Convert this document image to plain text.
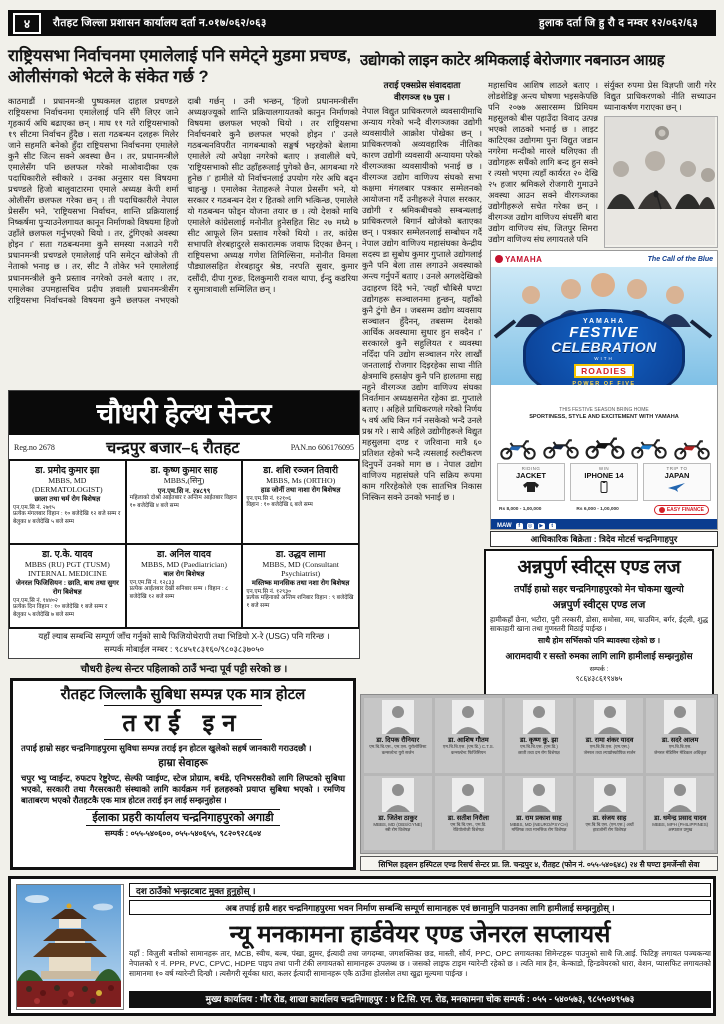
४	रौतहट जिल्ला प्रशासन कार्यालय दर्ता न.०१७/०६२/०६३	हुलाक दर्ता जि हु रौ द नम्वर १२/०६२/६३
राष्ट्रियसभा निर्वाचनमा एमालेलाई पनि समेट्ने मुडमा प्रचण्ड, ओलीसंगको भेटले के संकेत गर्छ ?
काठमाडौं । प्रधानमन्त्री पुष्पकमल दाहाल प्रचण्डले राष्ट्रियसभा निर्वाचनमा एमालेलाई पनि सँगै लिएर जाने गृहकार्य अघि बढाएका छन् । माघ ११ गते राष्ट्रियसभाको १९ सीटमा निर्वाचन हुँदैछ । सता गठबन्धन दलहरू मिलेर जाने सहमति बनेको हुँदा राष्ट्रियसभा निर्वाचनमा एमालेले कुनै सीट जित्न सक्ने अवस्था छैन । तर, प्रधानमन्त्रीले एमालेसँग पनि छलफल गरेको माओवादीका एक पदाधिकारीले स्वीकारे । उनका अनुसार यस विषयमा प्रचण्डले हिजो बालुवाटारमा एमाले अध्यक्ष केपी शर्मा ओलीसँग छलफल गरेका छन् । ती पदाधिकारीले नेपाल प्रेससँग भने, 'राष्ट्रियसभा निर्वाचन, शान्ति प्रक्रियालाई निष्कर्षमा पुऱ्याउनेलगायत कानून निर्माणको विषयमा हिजो उहाँले छलफल गर्नुभएको थियो । तर, टुंगिएको अवस्था होइन ।' सता गठबन्धनमा कुनै समस्या नआउने गरी प्रधानमन्त्री प्रचण्डले एमालेलाई पनि समेट्न खोजेको ती नेताको भनाइ छ । तर, सीट नै तोकेर भने एमालेलाई प्रधानमन्त्रीले कुनै प्रस्ताव नगरेको उनले बताए । तर, एमालेका उपमहासचिव प्रदीप ज्ञवाली प्रधानमन्त्रीसँग राष्ट्रियसभा निर्वाचनको विषयमा कुनै छलफल नभएको दाबी गर्छन् । उनी भन्छन्, 'हिजो प्रधानमन्त्रीसँग अध्यक्षज्यूको शान्ति प्रक्रियालगायतको कानुन निर्माणको विषयमा छलफल भएको थियो । तर राष्ट्रियसभा निर्वाचनबारे कुनै छलफल भएको होइन ।' उनले गठबन्धनविपरीत नागबन्धाको सङ्घर्ष भइरहेको बेलामा एमालेले त्यो अपेक्षा नगरेको बताए । ज्ञवालीले थपे, 'राष्ट्रियसभाको सीट उहाँहरूलाई पुगेको छैन, आगबन्धा गरे हुनेछ ।' हामीले यो निर्वाचनलाई उपयोग गरेर अघि बढ्न चाहन्छु । एमालेका नेताहरूले नेपाल प्रेससँग भने, यो सरकार र गठबन्धन देश र हितको लागि भत्किन्छ, एमालेले यो गठबन्धन फोड्न योजना तयार छ । त्यो देशको माथि एमालेले कांग्रेसलाई मनोनीत हुनेसहित सिट २७ मध्ये ७ सीट आफूले लिन प्रस्ताव गरेको थियो । तर, कांग्रेस सभापति शेरबहादुरले सकारात्मक जवाफ दिएका छैनन् । राष्ट्रियसभा अध्यक्ष गणेश तिमिल्सिना, मनोनीत विमला पौड्यालसहित शेरबहादुर श्रेष्ठ, नरपति सुवार, कुमार दसौंदी, दीपा गुरुङ, दिलकुमारी रावल थापा, ईन्दु कडरिया र सुमात्रावाली सम्मिलित छन् ।
उद्योगको लाइन काटेर श्रमिकलाई बेरोजगार नबनाउन आग्रह
तराई एक्सप्रेस संवाददाता
वीरगञ्ज १७ पुस ।
नेपाल विद्युत प्राधिकरणले व्यवसायीमाथि अन्याय गरेको भन्दै वीरगञ्जका उद्योगी व्यवसायीले आक्रोश पोखेका छन् । प्राधिकरणको अव्यवहारिक नीतिका कारण उद्योगी व्यवसायी अन्यायमा परेको वीरगञ्जका व्यवसायीको भनाई छ । वीरगञ्ज उद्योग वाणिज्य संघको सभा कक्षमा मंगलबार पत्रकार सम्मेलनको आयोजना गर्दै उनीहरूले नेपाल सरकार, उद्योगी र श्रमिकबीचको सम्बन्धलाई प्राधिकरणले बिगार्न खोजेको बताएका छन् । पत्रकार सम्मेलनलाई सम्बोधन गर्दै नेपाल उद्योग वाणिज्य महासंघका केन्द्रीय सदस्य डा सुबोध कुमार गुप्ताले उद्योगलाई कुनै पनि बेला तास लगाउने अवस्थाको अन्त्य गर्नुपर्ने बताए । उनले अगलदेखिको उदाहरण दिंदै भने, 'त्यहाँ चौबिसै घण्टा उद्योगहरू सञ्चालनमा हुन्छन्, यहाँको कुनै टुंगो छैन । जबसम्म उद्योग व्यवसाय सञ्चालन हुँदैनन्, तबसम्म देशको आर्थिक अवस्थामा सुधार हुन सक्दैन ।' सरकारले कुनै सहुलियत र व्यवस्था नदिँदा पनि उद्योग सञ्चालन गरेर लाखौं जनतालाई रोजगार दिइरहेका साथा नीति क्षेत्रमाथि हस्तक्षेप कुनै पनि हालतमा सह्य नहुने वीरगञ्ज उद्योग वाणिज्य संघका निवर्तमान अध्यक्षसमेत रहेका डा. गुप्ताले बताए । अहिले प्राधिकरणले गरेको निर्णय ५ वर्ष अघि किन गर्न नसकेको भन्दै उनले प्रश्न गरे । साथै अहिले उद्योगीहरूले विद्युत महसुलमा दण्ड र जरिवाना मात्रै ६० प्रतिशत रहेको भन्दै त्यसलाई रुल्टीकरण दिनुपर्ने उनको माग छ । नेपाल उद्योग वाणिज्य महासंघले पनि सक्रिय रूपमा काम गरिरहेकोले एक सातभित्र निकास निस्किन सक्ने उनको भनाई छ ।
महासचिव आशिष लाठले बताए । लोडशेडिङ्ग अन्त्य घोषणा भइसकेपछि पनि २०७७ असारसम्म प्रिमियम महसुलको बीस पहाउँदा विवाद उत्पन्न भएको लाठको भनाई छ । लाइट काटिएका उद्योगमा पुनः विद्युत जडान नगरेमा मन्दीको मारले थलिएका ती उद्योगहरू सधैंको लागि बन्द हुन सक्ने र त्यसो भएमा त्यहाँ कार्यरत २० देखि २५ हजार श्रमिकले रोजगारी गुमाउने अवस्था आउन सक्ने वीरगञ्जका उद्योगीहरूले सचेत गरेका छन् । वीरगञ्ज उद्योग वाणिज्य संघसँगै बारा उद्योग वाणिज्य संघ, जितपुर सिमरा उद्योग वाणिज्य संघ लगायतले पनि
संर्युक्त रुपमा प्रेस विज्ञप्ती जारी गरेर विद्युत प्राधिकरणको नीति सच्याउन ध्यानाकर्षण गराएका छन् ।
YAMAHA	The Call of the Blue
YAMAHA
FESTIVE
CELEBRATION
WITH
ROADIES
POWER OF FIVE
THIS FESTIVE SEASON BRING HOME
SPORTINESS, STYLE AND EXCITEMENT WITH YAMAHA
RIDING
JACKET
WIN
IPHONE 14
TRIP TO
JAPAN
Rs 8,000 - 1,00,000	Rs 6,000 - 1,00,000	EASY FINANCE
MAW	f	◎	▶	t
आधिकारिक बिक्रेता : त्रिदेव मोटर्स चन्द्रनिगाहपुर
अन्नपुर्ण स्वीट्स एण्ड लज
तपाँई हाम्रो सहर चन्द्रनिगाहपुरको मेन चोकमा खुल्यो
अन्नपुर्ण स्वीट्स एण्ड लज
हामीकहाँ छेना, भटौरा, पुरी तरकारी, डोसा, समोसा, मम, चाउमिन, बर्गर, ईट्ली, शुद्ध साकाहारी खाना तथा गुणस्तरी मिठाई पाईन्छ ।
साथै होम सर्भिसको पनि ब्यावस्था रहेको छ ।
आरामदायी र सस्तो रुमका लागि लागि हामीलाई सम्झनुहोस
सम्पर्क :
९८६४३८६१९४७५
चौधरी हेल्थ सेन्टर
Reg.no 2678	चन्द्रपुर बजार–६ रौतहट	PAN.no 606176095
डा. प्रमोद कुमार झा
MBBS, MD (DERMATOLOGIST)
छाला तथा चर्म रोग बिशेषज्ञ
एन.एम.सि नं. २७१५
प्रत्येक मंगलबार विहान : १० बजेदेखि १२ बजे सम्म र बेलुका ४ बजेदेखि ५ बजे सम्म
डा. कृष्ण कुमार साह
MBBS,(सिनु)
एन.एम.सि न. २४८९९
महिलाको दोश्रो आईतबार र अन्तिम आईतबार विहान १० बजेदेखि ४ बजे सम्म
डा. शशि रञ्जन तिवारी
MBBS, Ms (ORTHO)
हाड जोर्नी तथा नाशा रोग बिशेषज्ञ
एन.एम.सि नं. १२१०६
विहान : १० बजेदेखि ६ बजे सम्म
डा. ए.के. यादव
MBBS (RU) PGT (TUSM) INTERNAL MEDICINE
जेनरल फिजिसियन : छाति, बाथ तथा सुगर रोग बिशेषज्ञ
एन.एम.सि नं. १४४०२
प्रत्येक दिन विहान : १० बजेदेखि १ बजे सम्म र बेलुका ५ बजेदेखि ७ बजे सम्म
डा. अनिल यादव
MBBS, MD (Paediatrician)
बाल रोग बिशेषज्ञ
एन.एम.सि नं. १२८३३
प्रत्येक आईतबार देखी सनिबार सम्म । विहान : ८ बजेदेखि १२ बजे सम्म
डा. उद्धव लामा
MBBS, MD (Consultant Psychiatrist)
मस्तिष्क मानसिक तथा नशा रोग बिशेषज्ञ
एन.एम.सि नं. १२९३०
प्रत्येक महिनाको अन्तिम शनिबार विहान : ९ बजेदेखि १ बजे सम्म
यहाँ ल्याब सम्बन्धि सम्पूर्ण जाँच गर्नुको साथै फिजियोथेरापी तथा भिडियो X-रे (USG) पनि गरिन्छ ।
सम्पर्क मोबाईल नम्बर : ९८४५१८३१६०/९८०३८३७०५०
चौधरी हेल्थ सेन्टर पहिलाको ठाउँ भन्दा पूर्व पट्टी सरेको छ ।
रौतहट जिल्लाकै सुबिधा सम्पन्न एक मात्र होटल
तराई इन
तपाई हाम्रो सहर चन्द्रनिगाहपुरमा सुविधा सम्पन्न तराई इन होटल खुलेको सहर्ष जानकारी गराउदछौ ।
हाम्रा सेवाहरू
चपुर भ्यु प्वाईन्ट, रुफटप रेष्टुरेण्ट, सेल्फी प्वाईण्ट, स्टेज प्रोग्राम, बर्थडे, एनिभरसरीको लागि लिफ्टको सुबिधा भएको, सरकारी तथा गैरसरकारी संस्थाको लागि कार्यक्रम गर्न हलहरुको प्रयाप्त सुबिधा भएको । रमणिय बाताबरण भएको रौतहटकै एक मात्र होटल तराई इन लाई सम्झनुहोस ।
ईलाका प्रहरी कार्यालय चन्द्रनिगाहपुरको अगाडी
सम्पर्क : ०५५-५४०६००, ०५५-५४०६५५, ९८२०९२८६०४
डा. दिपक रौनियार
एम.बि.बि.एस., एम.एस. युरोलोजिस्ट
कन्सल्टेन्ट युरो सर्जन
डा. आशिष गौतम
एम.बि.बि.एस. (एम.डि.) C.T.S.
कन्सल्टेन्ट फिजिसियन
डा. कृष्ण कु. झा
एम.बि.बि.एस. (एम.डि.)
छाती तथा दम रोग विशेषज्ञ
डा. रामा शंकर यादव
एम.बि.बि.एस. (एम.एस.)
जेनरल तथा ल्याप्रोस्कोपिक सर्जन
डा. सदरे आलम
एम.बि.बि.एस.
जेनरल मेडिसिन मेडिकल अधिकृत
डा. जितेश ठाकुर
MBBS, MD (OBS/GYNE)
स्त्री रोग विशेषज्ञ
डा. सतीश निरौला
एम.बि.बि.एस., एम.डि.
रेडियोलोजी विशेषज्ञ
डा. राम प्रकाश साह
MBBS, MD (NEURO/PSYCH)
मष्तिष्क तथा मानसिक रोग विशेषज्ञ
डा. संजय साह
एम.बि.बि.एस. (एम.एस.) अर्थो
हाडजोर्नी रोग विशेषज्ञ
डा. धमेन्द्र प्रसाद यादव
MBBS, MPH (PHILIPPINES)
अस्पताल प्रमुख
सिभिल हड्सन हस्पिटल एण्ड रिसर्च सेन्टर प्रा. लि. चन्द्रपुर ४, रौतहट (फोन नं. ०५५-५४०६४८) २४ सै घण्टा इमर्जेन्सी सेवा
दश ठाउँको भन्झटबाट मुक्त हुनुहोस् ।
अब तपाई हाम्रै शहर चन्द्रनिगाहपुरमा भवन निर्माण सम्बन्धि सम्पूर्ण सामानहरू एवं छानामुनि पाउनका लागि हामीलाई सम्झनुहोस् ।
न्यू मनकामना हार्डवेयर एण्ड जेनरल सप्लायर्स
यहाँ : विजुली बत्तीको सामानहरू तार, MCB, स्वीच, बल्ब, पंखा, झुमर, ईत्यादी तथा जगदम्बा, जगशक्तिका छड, मास्ती, सौर्य, PPC, OPC लगायतका सिमेन्टहरू पाउनुको साथै जि.आई. फिटिङ्ग लगायत पञ्चकन्या नेपालको १ नं. PPR, PVC, CPVC, HDPE पाइप तथा पानी टंकी लगायतको सामानहरू उपलब्ध छ । जसको लाइफ टाइम ग्यारेन्टी रहेको छ । त्यति मात्र हैन, केन्काडो, हिन्डवेयरको धारा, वेशन, प्यासफिट लगायतको सामानमा १० वर्ष ग्यारेन्टी दिन्छौ । त्यसैगरी सूर्यका धारा, कलर ईत्यादी सामानहरू एकै ठाउँमा होलसेल तथा खुद्रा मूल्यमा पाईन्छ ।
मुख्य कार्यालय : गौर रोड, शाखा कार्यालय चन्द्रनिगाहपुर : ४ टि.सि. एन. रोड, मनकामना चोक सम्पर्क : ०५५ - ५४०५७३, ९८५५०४९५७३
